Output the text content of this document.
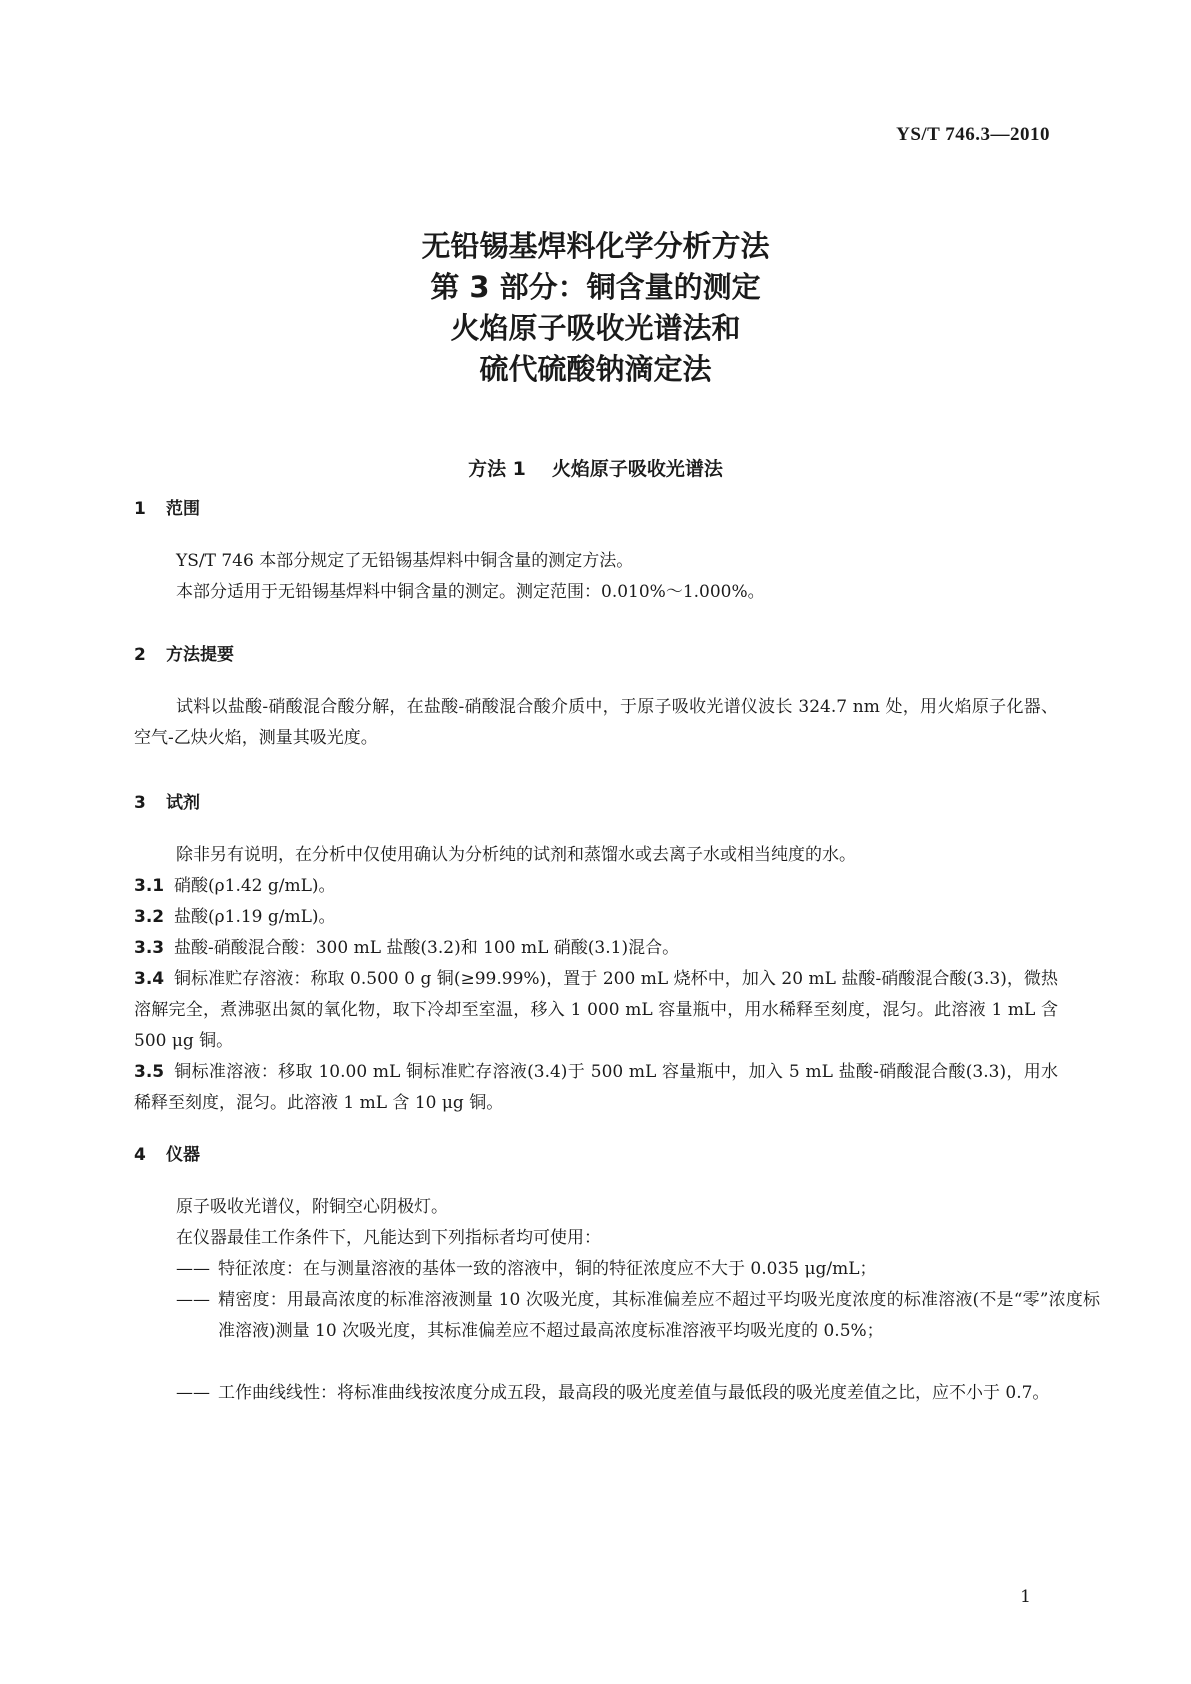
YS/T 746.3—2010

无铅锡基焊料化学分析方法

第 3 部分：铜含量的测定

火焰原子吸收光谱法和

硫代硫酸钠滴定法

方法 1 火焰原子吸收光谱法
1 范围

YS/T 746 本部分规定了无铅锡基焊料中铜含量的测定方法。

本部分适用于无铅锡基焊料中铜含量的测定。测定范围：0.010%～1.000%。

2 方法提要

试料以盐酸-硝酸混合酸分解，在盐酸-硝酸混合酸介质中，于原子吸收光谱仪波长 324.7 nm 处，用火焰原子化器、空气-乙炔火焰，测量其吸光度。

3 试剂

除非另有说明，在分析中仅使用确认为分析纯的试剂和蒸馏水或去离子水或相当纯度的水。

3.1 硝酸(ρ1.42 g/mL)。

3.2 盐酸(ρ1.19 g/mL)。

3.3 盐酸-硝酸混合酸：300 mL 盐酸(3.2)和 100 mL 硝酸(3.1)混合。

3.4 铜标准贮存溶液：称取 0.500 0 g 铜(≥99.99%)，置于 200 mL 烧杯中，加入 20 mL 盐酸-硝酸混合酸(3.3)，微热溶解完全，煮沸驱出氮的氧化物，取下冷却至室温，移入 1 000 mL 容量瓶中，用水稀释至刻度，混匀。此溶液 1 mL 含 500 μg 铜。

3.5 铜标准溶液：移取 10.00 mL 铜标准贮存溶液(3.4)于 500 mL 容量瓶中，加入 5 mL 盐酸-硝酸混合酸(3.3)，用水稀释至刻度，混匀。此溶液 1 mL 含 10 μg 铜。

4 仪器

原子吸收光谱仪，附铜空心阴极灯。

在仪器最佳工作条件下，凡能达到下列指标者均可使用：

—— 特征浓度：在与测量溶液的基体一致的溶液中，铜的特征浓度应不大于 0.035 μg/mL；

—— 精密度：用最高浓度的标准溶液测量 10 次吸光度，其标准偏差应不超过平均吸光度浓度的标准溶液(不是“零”浓度标准溶液)测量 10 次吸光度，其标准偏差应不超过最高浓度标准溶液平均吸光度的 0.5%；

—— 工作曲线线性：将标准曲线按浓度分成五段，最高段的吸光度差值与最低段的吸光度差值之比，应不小于 0.7。

1
